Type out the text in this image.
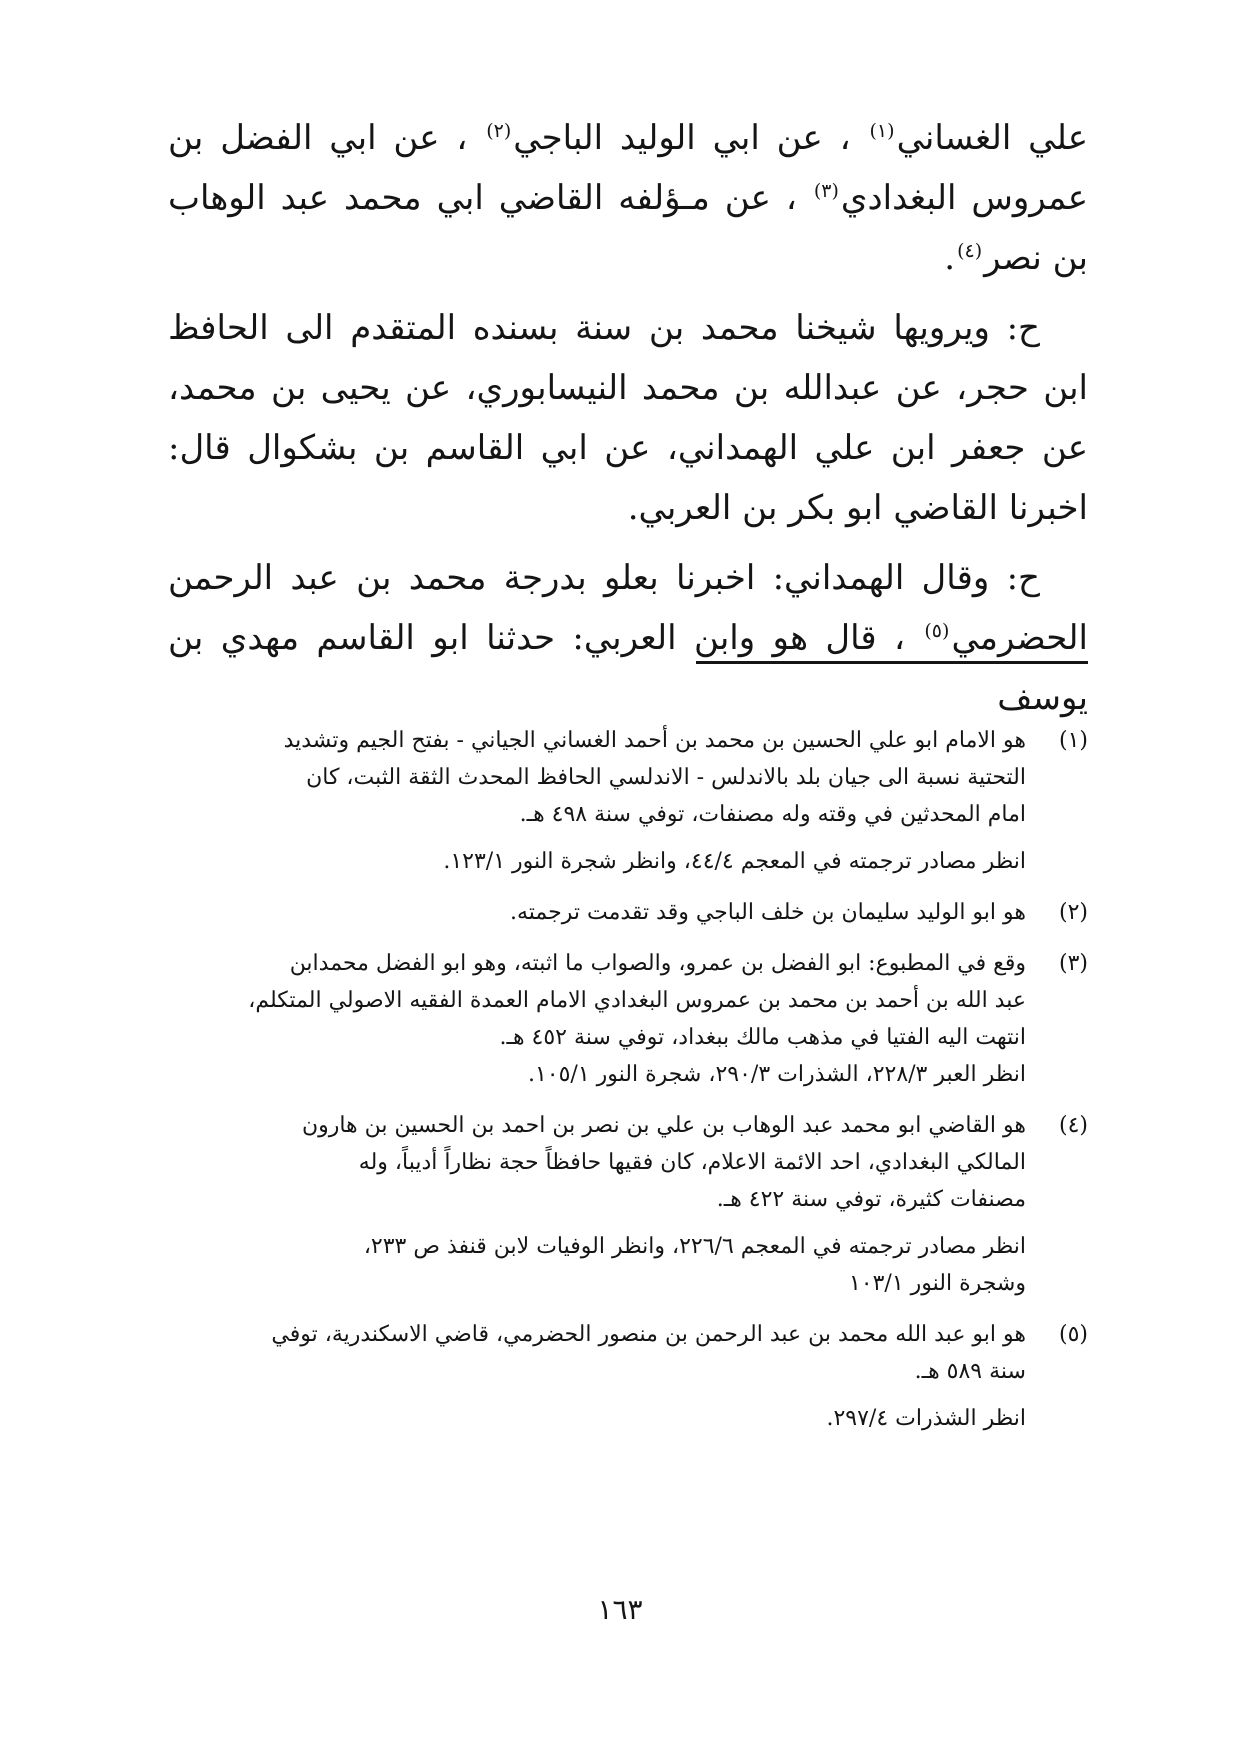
علي الغساني$^{(١)}$ ، عن ابي الوليد الباجي$^{(٢)}$ ، عن ابي الفضل بن عمروس البغدادي$^{(٣)}$ ، عن مـؤلفه القاضي ابي محمد عبد الوهاب بن نصر$^{(٤)}$.

ح: ويرويها شيخنا محمد بن سنة بسنده المتقدم الى الحافظ ابن حجر، عن عبدالله بن محمد النيسابوري، عن يحيى بن محمد، عن جعفر ابن علي الهمداني، عن ابي القاسم بن بشكوال قال: اخبرنا القاضي ابو بكر بن العربي.

ح: وقال الهمداني: اخبرنا بعلو بدرجة محمد بن عبد الرحمن الحضرمي$^{(٥)}$ ، قال هو وابن العربي: حدثنا ابو القاسم مهدي بن يوسف

(١)
هو الامام ابو علي الحسين بن محمد بن أحمد الغساني الجياني - بفتح الجيم وتشديد
التحتية نسبة الى جيان بلد بالاندلس - الاندلسي الحافظ المحدث الثقة الثبت، كان
امام المحدثين في وقته وله مصنفات، توفي سنة ٤٩٨ هـ.
انظر مصادر ترجمته في المعجم ٤٤/٤، وانظر شجرة النور ١٢٣/١.
(٢)
هو ابو الوليد سليمان بن خلف الباجي وقد تقدمت ترجمته.
(٣)
وقع في المطبوع: ابو الفضل بن عمرو، والصواب ما اثبته، وهو ابو الفضل محمدابن
عبد الله بن أحمد بن محمد بن عمروس البغدادي الامام العمدة الفقيه الاصولي المتكلم،
انتهت اليه الفتيا في مذهب مالك ببغداد، توفي سنة ٤٥٢ هـ.
انظر العبر ٢٢٨/٣، الشذرات ٢٩٠/٣، شجرة النور ١٠٥/١.
(٤)
هو القاضي ابو محمد عبد الوهاب بن علي بن نصر بن احمد بن الحسين بن هارون
المالكي البغدادي، احد الائمة الاعلام، كان فقيها حافظاً حجة نظاراً أديباً، وله
مصنفات كثيرة، توفي سنة ٤٢٢ هـ.
انظر مصادر ترجمته في المعجم ٢٢٦/٦، وانظر الوفيات لابن قنفذ ص ٢٣٣،
وشجرة النور ١٠٣/١
(٥)
هو ابو عبد الله محمد بن عبد الرحمن بن منصور الحضرمي، قاضي الاسكندرية، توفي
سنة ٥٨٩ هـ.
انظر الشذرات ٢٩٧/٤.
١٦٣
